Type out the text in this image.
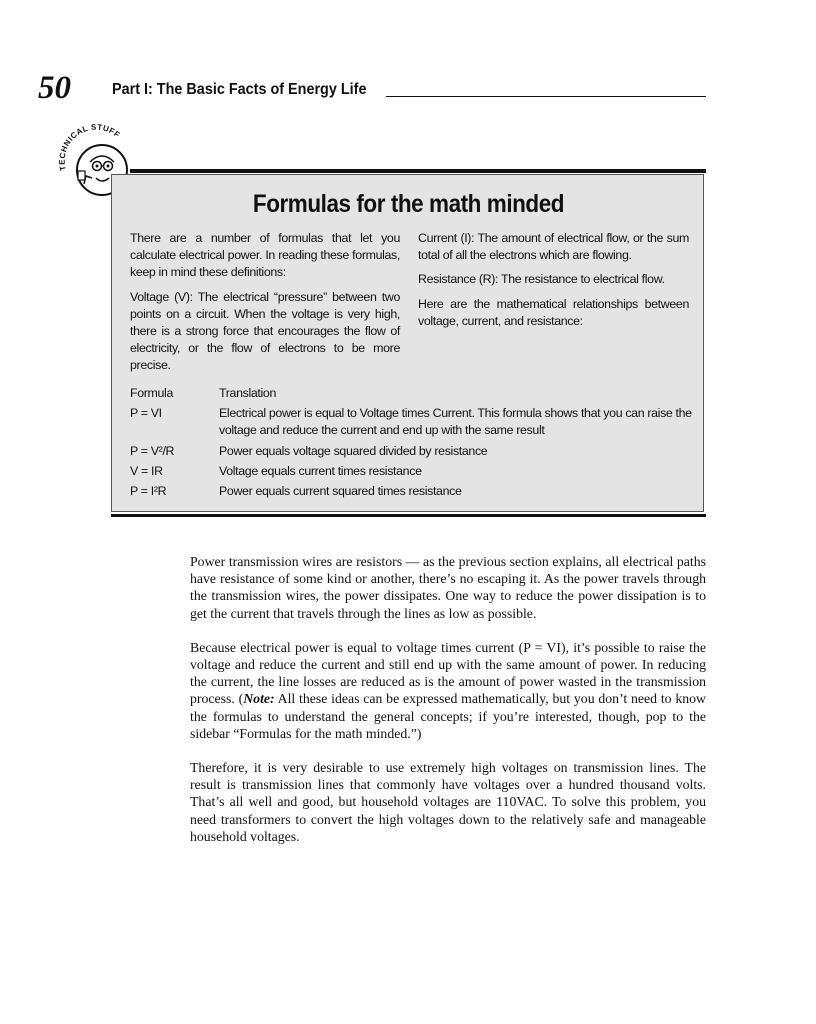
50	Part I: The Basic Facts of Energy Life
TECHNICAL STUFF
Formulas for the math minded

There are a number of formulas that let you calculate electrical power. In reading these formulas, keep in mind these definitions:

Voltage (V): The electrical “pressure” between two points on a circuit. When the voltage is very high, there is a strong force that encourages the flow of electricity, or the flow of electrons to be more precise.

Current (I): The amount of electrical flow, or the sum total of all the electrons which are flowing.

Resistance (R): The resistance to electrical flow.

Here are the mathematical relationships between voltage, current, and resistance:

Formula	Translation
P = VI	Electrical power is equal to Voltage times Current. This formula shows that you can raise the voltage and reduce the current and end up with the same result
P = V²/R	Power equals voltage squared divided by resistance
V = IR	Voltage equals current times resistance
P = I²R	Power equals current squared times resistance

Power transmission wires are resistors — as the previous section explains, all electrical paths have resistance of some kind or another, there’s no escaping it. As the power travels through the transmission wires, the power dissipates. One way to reduce the power dissipation is to get the current that travels through the lines as low as possible.

Because electrical power is equal to voltage times current (P = VI), it’s possible to raise the voltage and reduce the current and still end up with the same amount of power. In reducing the current, the line losses are reduced as is the amount of power wasted in the transmission process. (Note: All these ideas can be expressed mathematically, but you don’t need to know the formulas to understand the general concepts; if you’re interested, though, pop to the sidebar “Formulas for the math minded.”)

Therefore, it is very desirable to use extremely high voltages on transmission lines. The result is transmission lines that commonly have voltages over a hundred thousand volts. That’s all well and good, but household voltages are 110VAC. To solve this problem, you need transformers to convert the high voltages down to the relatively safe and manageable household voltages.
